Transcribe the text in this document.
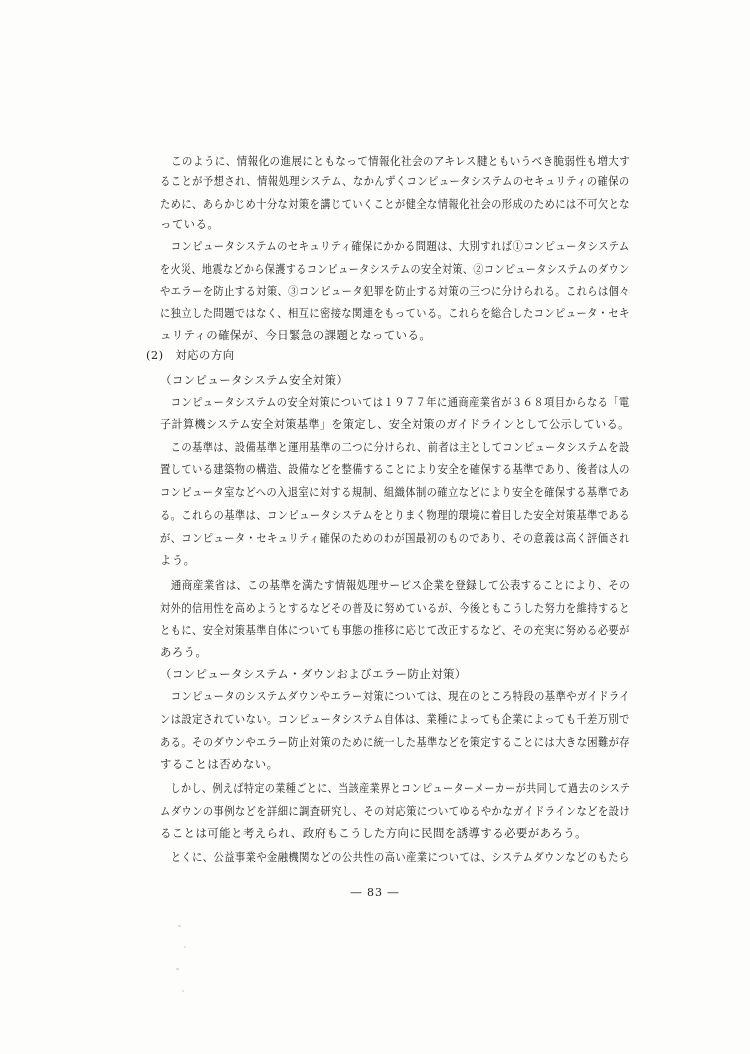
　このように、情報化の進展にともなって情報化社会のアキレス腱ともいうべき脆弱性も増大す
ることが予想され、情報処理システム、なかんずくコンピュータシステムのセキュリティの確保の
ために、あらかじめ十分な対策を講じていくことが健全な情報化社会の形成のためには不可欠とな
っている。
　コンピュータシステムのセキュリティ確保にかかる問題は、大別すれば①コンピュータシステム
を火災、地震などから保護するコンピュータシステムの安全対策、②コンピュータシステムのダウン
やエラーを防止する対策、③コンピュータ犯罪を防止する対策の三つに分けられる。これらは個々
に独立した問題ではなく、相互に密接な関連をもっている。これらを総合したコンピュータ・セキ
ュリティの確保が、今日緊急の課題となっている。
(2)　対応の方向
（コンピュータシステム安全対策）
　コンピュータシステムの安全対策については１９７７年に通商産業省が３６８項目からなる「電
子計算機システム安全対策基準」を策定し、安全対策のガイドラインとして公示している。
　この基準は、設備基準と運用基準の二つに分けられ、前者は主としてコンピュータシステムを設
置している建築物の構造、設備などを整備することにより安全を確保する基準であり、後者は人の
コンピュータ室などへの入退室に対する規制、組織体制の確立などにより安全を確保する基準であ
る。これらの基準は、コンピュータシステムをとりまく物理的環境に着目した安全対策基準である
が、コンピュータ・セキュリティ確保のためのわが国最初のものであり、その意義は高く評価され
よう。
　通商産業省は、この基準を満たす情報処理サービス企業を登録して公表することにより、その
対外的信用性を高めようとするなどその普及に努めているが、今後ともこうした努力を維持すると
ともに、安全対策基準自体についても事態の推移に応じて改正するなど、その充実に努める必要が
あろう。
（コンピュータシステム・ダウンおよびエラー防止対策）
　コンピュータのシステムダウンやエラー対策については、現在のところ特段の基準やガイドライ
ンは設定されていない。コンピュータシステム自体は、業種によっても企業によっても千差万別で
ある。そのダウンやエラー防止対策のために統一した基準などを策定することには大きな困難が存
することは否めない。
　しかし、例えば特定の業種ごとに、当該産業界とコンピューターメーカーが共同して過去のシステ
ムダウンの事例などを詳細に調査研究し、その対応策についてゆるやかなガイドラインなどを設け
ることは可能と考えられ、政府もこうした方向に民間を誘導する必要があろう。
　とくに、公益事業や金融機関などの公共性の高い産業については、システムダウンなどのもたら
― 83 ―
